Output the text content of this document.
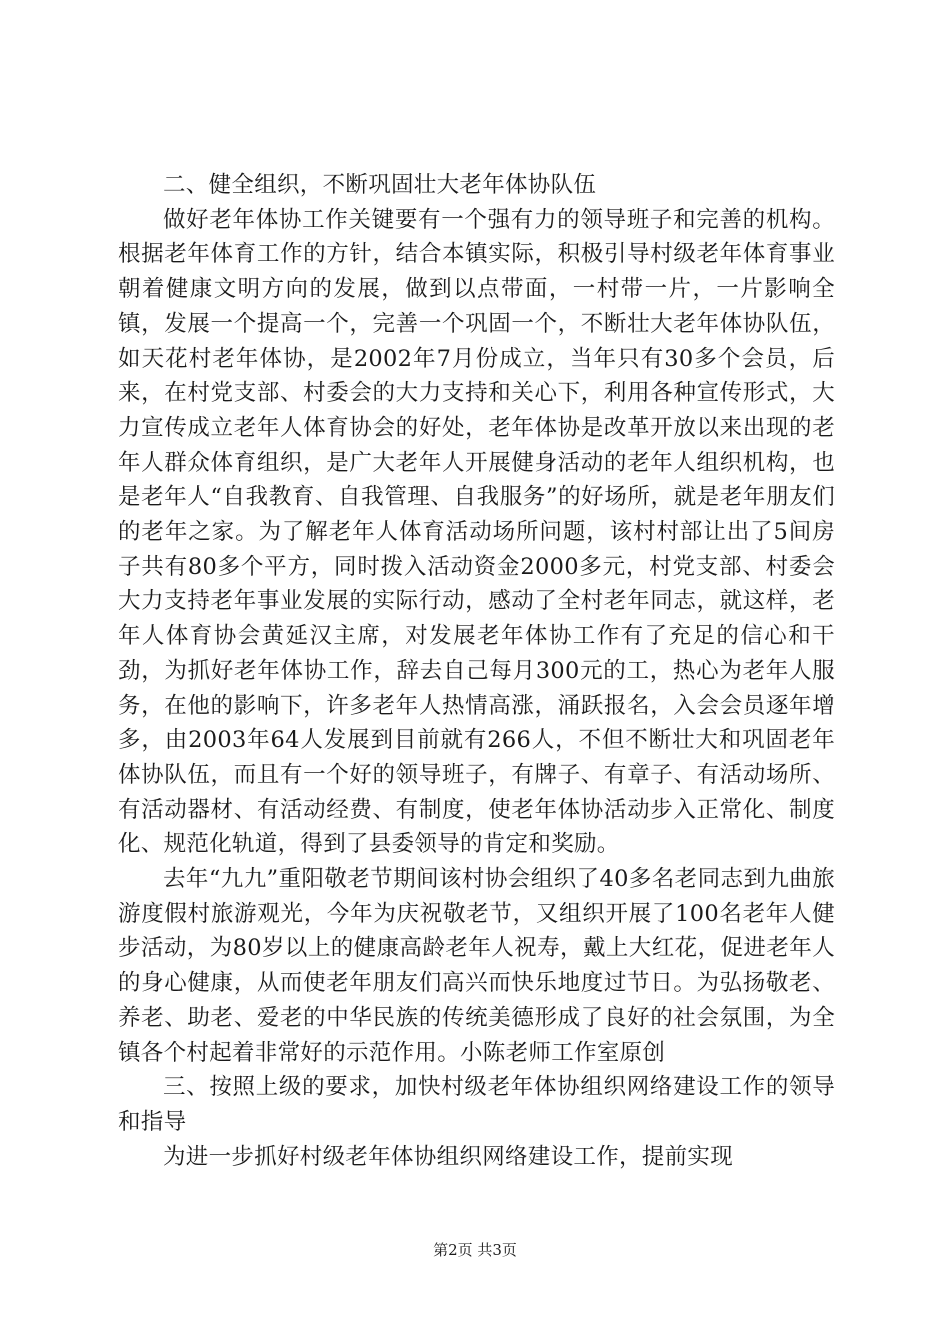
二、健全组织，不断巩固壮大老年体协队伍

做好老年体协工作关键要有一个强有力的领导班子和完善的机构。根据老年体育工作的方针，结合本镇实际，积极引导村级老年体育事业朝着健康文明方向的发展，做到以点带面，一村带一片，一片影响全镇，发展一个提高一个，完善一个巩固一个，不断壮大老年体协队伍，如天花村老年体协，是2002年7月份成立，当年只有30多个会员，后来，在村党支部、村委会的大力支持和关心下，利用各种宣传形式，大力宣传成立老年人体育协会的好处，老年体协是改革开放以来出现的老年人群众体育组织，是广大老年人开展健身活动的老年人组织机构，也是老年人“自我教育、自我管理、自我服务”的好场所，就是老年朋友们的老年之家。为了解老年人体育活动场所问题，该村村部让出了5间房子共有80多个平方，同时拨入活动资金2000多元，村党支部、村委会大力支持老年事业发展的实际行动，感动了全村老年同志，就这样，老年人体育协会黄延汉主席，对发展老年体协工作有了充足的信心和干劲，为抓好老年体协工作，辞去自己每月300元的工，热心为老年人服务，在他的影响下，许多老年人热情高涨，涌跃报名，入会会员逐年增多，由2003年64人发展到目前就有266人，不但不断壮大和巩固老年体协队伍，而且有一个好的领导班子，有牌子、有章子、有活动场所、有活动器材、有活动经费、有制度，使老年体协活动步入正常化、制度化、规范化轨道，得到了县委领导的肯定和奖励。

去年“九九”重阳敬老节期间该村协会组织了40多名老同志到九曲旅游度假村旅游观光，今年为庆祝敬老节，又组织开展了100名老年人健步活动，为80岁以上的健康高龄老年人祝寿，戴上大红花，促进老年人的身心健康，从而使老年朋友们高兴而快乐地度过节日。为弘扬敬老、养老、助老、爱老的中华民族的传统美德形成了良好的社会氛围，为全镇各个村起着非常好的示范作用。小陈老师工作室原创

三、按照上级的要求，加快村级老年体协组织网络建设工作的领导和指导

为进一步抓好村级老年体协组织网络建设工作，提前实现

第2页 共3页
